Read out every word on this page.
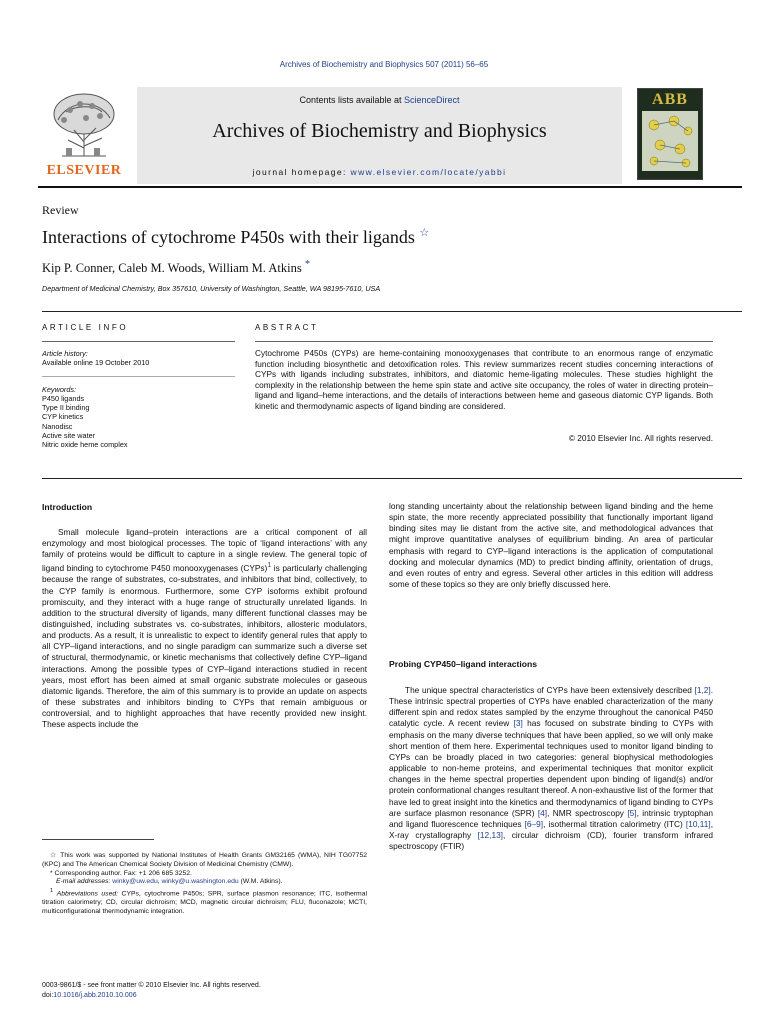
Archives of Biochemistry and Biophysics 507 (2011) 56–65
ELSEVIER
Contents lists available at ScienceDirect
Archives of Biochemistry and Biophysics
journal homepage: www.elsevier.com/locate/yabbi
ABB
Review
Interactions of cytochrome P450s with their ligands ☆
Kip P. Conner, Caleb M. Woods, William M. Atkins *
Department of Medicinal Chemistry, Box 357610, University of Washington, Seattle, WA 98195-7610, USA
ARTICLE INFO
Article history:
Available online 19 October 2010
Keywords:
P450 ligands
Type II binding
CYP kinetics
Nanodisc
Active site water
Nitric oxide heme complex
ABSTRACT
Cytochrome P450s (CYPs) are heme-containing monooxygenases that contribute to an enormous range of enzymatic function including biosynthetic and detoxification roles. This review summarizes recent studies concerning interactions of CYPs with ligands including substrates, inhibitors, and diatomic heme-ligating molecules. These studies highlight the complexity in the relationship between the heme spin state and active site occupancy, the roles of water in directing protein–ligand and ligand–heme interactions, and the details of interactions between heme and gaseous diatomic CYP ligands. Both kinetic and thermodynamic aspects of ligand binding are considered.
© 2010 Elsevier Inc. All rights reserved.
Introduction

Small molecule ligand–protein interactions are a critical component of all enzymology and most biological processes. The topic of ‘ligand interactions’ with any family of proteins would be difficult to capture in a single review. The general topic of ligand binding to cytochrome P450 monooxygenases (CYPs)$^1$ is particularly challenging because the range of substrates, co-substrates, and inhibitors that bind, collectively, to the CYP family is enormous. Furthermore, some CYP isoforms exhibit profound promiscuity, and they interact with a huge range of structurally unrelated ligands. In addition to the structural diversity of ligands, many different functional classes may be distinguished, including substrates vs. co-substrates, inhibitors, allosteric modulators, and products. As a result, it is unrealistic to expect to identify general rules that apply to all CYP–ligand interactions, and no single paradigm can summarize such a diverse set of structural, thermodynamic, or kinetic mechanisms that collectively define CYP–ligand interactions. Among the possible types of CYP–ligand interactions studied in recent years, most effort has been aimed at small organic substrate molecules or gaseous diatomic ligands. Therefore, the aim of this summary is to provide an update on aspects of these substrates and inhibitors binding to CYPs that remain ambiguous or controversial, and to highlight approaches that have recently provided new insight. These aspects include the

☆ This work was supported by National Institutes of Health Grants GM32165 (WMA), NIH TG07752 (KPC) and The American Chemical Society Division of Medicinal Chemistry (CMW).
* Corresponding author. Fax: +1 206 685 3252.
E-mail addresses: winky@uw.edu, winky@u.washington.edu (W.M. Atkins).
$^1$ Abbreviations used: CYPs, cytochrome P450s; SPR, surface plasmon resonance; ITC, isothermal titration calorimetry; CD, circular dichroism; MCD, magnetic circular dichroism; FLU, fluconazole; MCTI, multiconfigurational thermodynamic integration.
0003-9861/$ - see front matter © 2010 Elsevier Inc. All rights reserved.
doi:10.1016/j.abb.2010.10.006

long standing uncertainty about the relationship between ligand binding and the heme spin state, the more recently appreciated possibility that functionally important ligand binding sites may lie distant from the active site, and methodological advances that might improve quantitative analyses of equilibrium binding. An area of particular emphasis with regard to CYP–ligand interactions is the application of computational docking and molecular dynamics (MD) to predict binding affinity, orientation of drugs, and even routes of entry and egress. Several other articles in this edition will address some of these topics so they are only briefly discussed here.

Probing CYP450–ligand interactions

The unique spectral characteristics of CYPs have been extensively described [1,2]. These intrinsic spectral properties of CYPs have enabled characterization of the many different spin and redox states sampled by the enzyme throughout the canonical P450 catalytic cycle. A recent review [3] has focused on substrate binding to CYPs with emphasis on the many diverse techniques that have been applied, so we will only make short mention of them here. Experimental techniques used to monitor ligand binding to CYPs can be broadly placed in two categories: general biophysical methodologies applicable to non-heme proteins, and experimental techniques that monitor explicit changes in the heme spectral properties dependent upon binding of ligand(s) and/or protein conformational changes resultant thereof. A non-exhaustive list of the former that have led to great insight into the kinetics and thermodynamics of ligand binding to CYPs are surface plasmon resonance (SPR) [4], NMR spectroscopy [5], intrinsic tryptophan and ligand fluorescence techniques [6–9], isothermal titration calorimetry (ITC) [10,11], X-ray crystallography [12,13], circular dichroism (CD), fourier transform infrared spectroscopy (FTIR)
